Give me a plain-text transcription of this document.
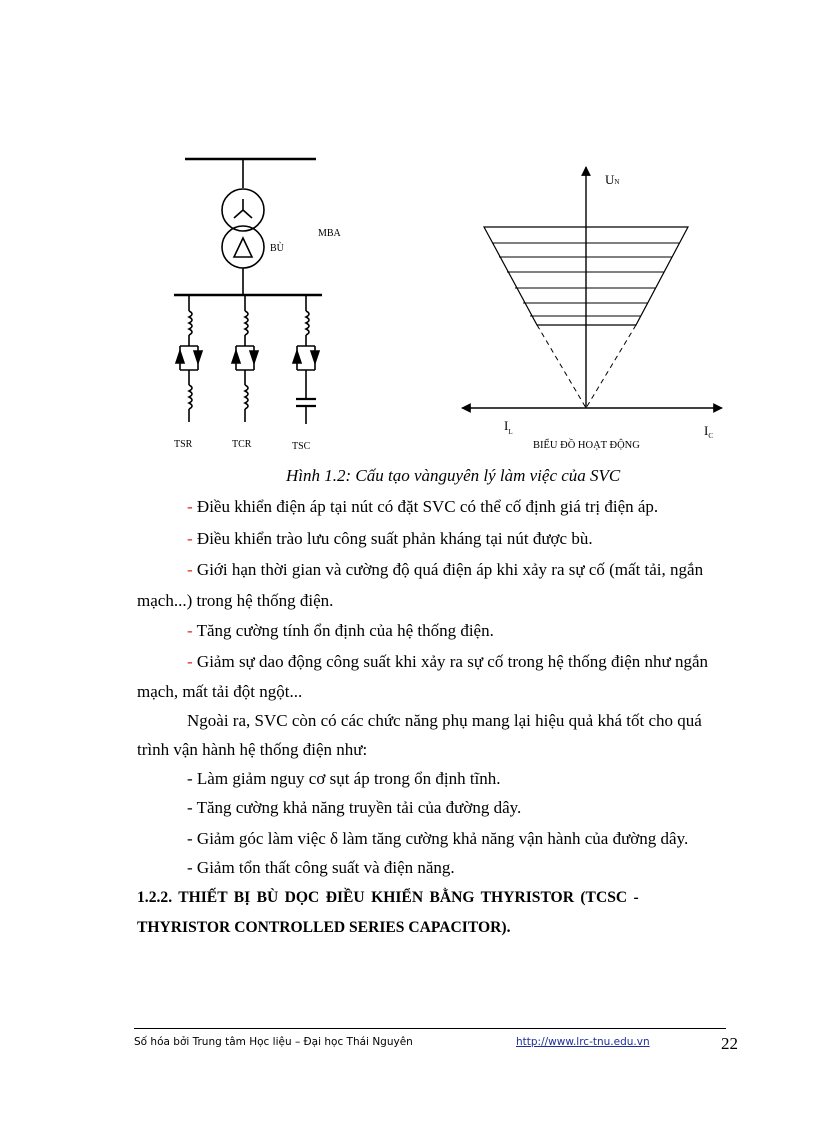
MBA
BÙ
TSR	TCR	TSC
UN
$I_L$	$I_C$
BIỂU ĐỒ HOẠT ĐỘNG
Hình 1.2: Cấu tạo vànguyên lý làm việc của SVC
- Điều khiển điện áp tại nút có đặt SVC có thể cố định giá trị điện áp.
- Điều khiển trào lưu công suất phản kháng tại nút được bù.
- Giới hạn thời gian và cường độ quá điện áp khi xảy ra sự cố (mất tải, ngắn
mạch...) trong hệ thống điện.
- Tăng cường tính ổn định của hệ thống điện.
- Giảm sự dao động công suất khi xảy ra sự cố trong hệ thống điện như ngắn
mạch, mất tải đột ngột...
Ngoài ra, SVC còn có các chức năng phụ mang lại hiệu quả khá tốt cho quá
trình vận hành hệ thống điện như:
- Làm giảm nguy cơ sụt áp trong ổn định tĩnh.
- Tăng cường khả năng truyền tải của đường dây.
- Giảm góc làm việc δ làm tăng cường khả năng vận hành của đường dây.
- Giảm tổn thất công suất và điện năng.
1.2.2. THIẾT BỊ BÙ DỌC ĐIỀU KHIỂN BẰNG THYRISTOR (TCSC -
THYRISTOR CONTROLLED SERIES CAPACITOR).
Số hóa bởi Trung tâm Học liệu – Đại học Thái Nguyên	http://www.lrc-tnu.edu.vn	22
